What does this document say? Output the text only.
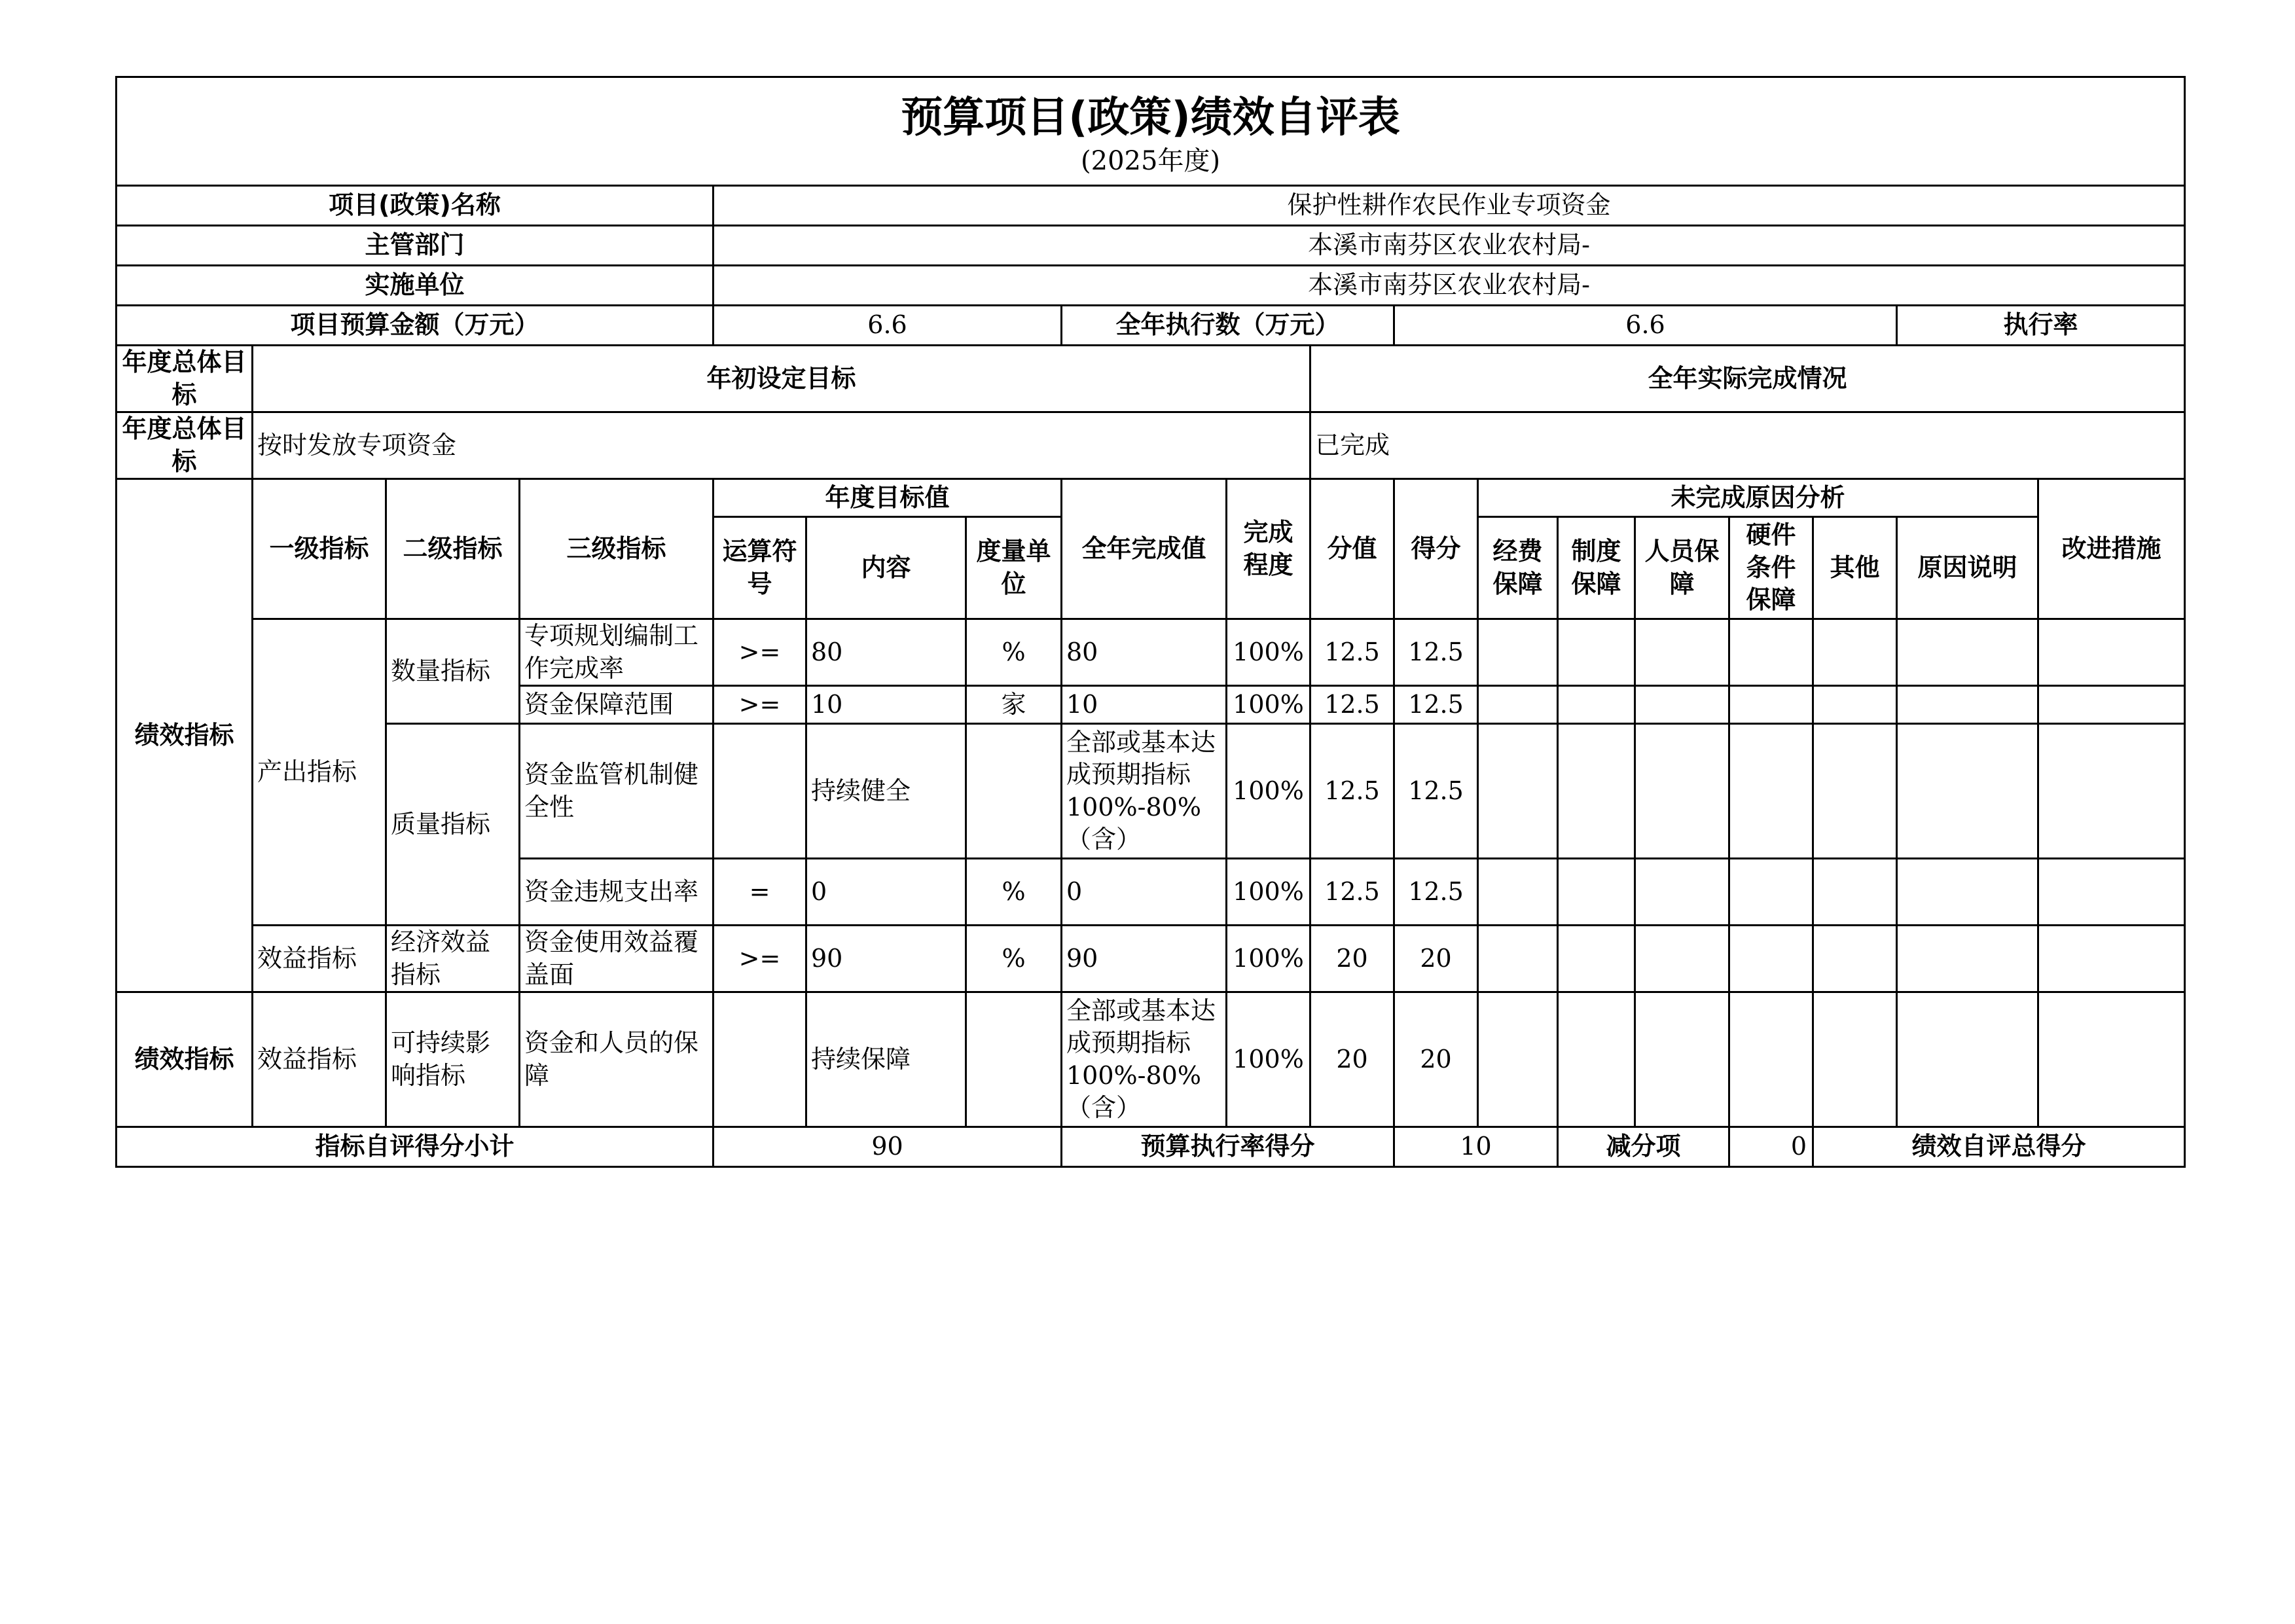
预算项目(政策)绩效自评表
(2025年度)																		

项目(政策)名称				保护性耕作农民作业专项资金														
主管部门				本溪市南芬区农业农村局-														
实施单位				本溪市南芬区农业农村局-														
项目预算金额（万元）				6.6			全年执行数（万元）			6.6						执行率	
年度总体目标	年初设定目标								全年实际完成情况									
年度总体目标	按时发放专项资金								已完成									
绩效指标	一级指标	二级指标	三级指标	年度目标值			全年完成值	完成程度	分值	得分	未完成原因分析						改进措施	
				运算符号	内容	度量单位					经费保障	制度保障	人员保障	硬件条件保障	其他	原因说明		
	产出指标	数量指标	专项规划编制工作完成率	>=	80	%	80	100%	12.5	12.5								
			资金保障范围	>=	10	家	10	100%	12.5	12.5								
		质量指标	资金监管机制健全性		持续健全		全部或基本达成预期指标100%-80%（含）	100%	12.5	12.5								
			资金违规支出率	=	0	%	0	100%	12.5	12.5								
	效益指标	经济效益指标	资金使用效益覆盖面	>=	90	%	90	100%	20	20								
绩效指标	效益指标	可持续影响指标	资金和人员的保障		持续保障		全部或基本达成预期指标100%-80%（含）	100%	20	20								
指标自评得分小计				90			预算执行率得分			10		减分项		0	绩效自评总得分	
